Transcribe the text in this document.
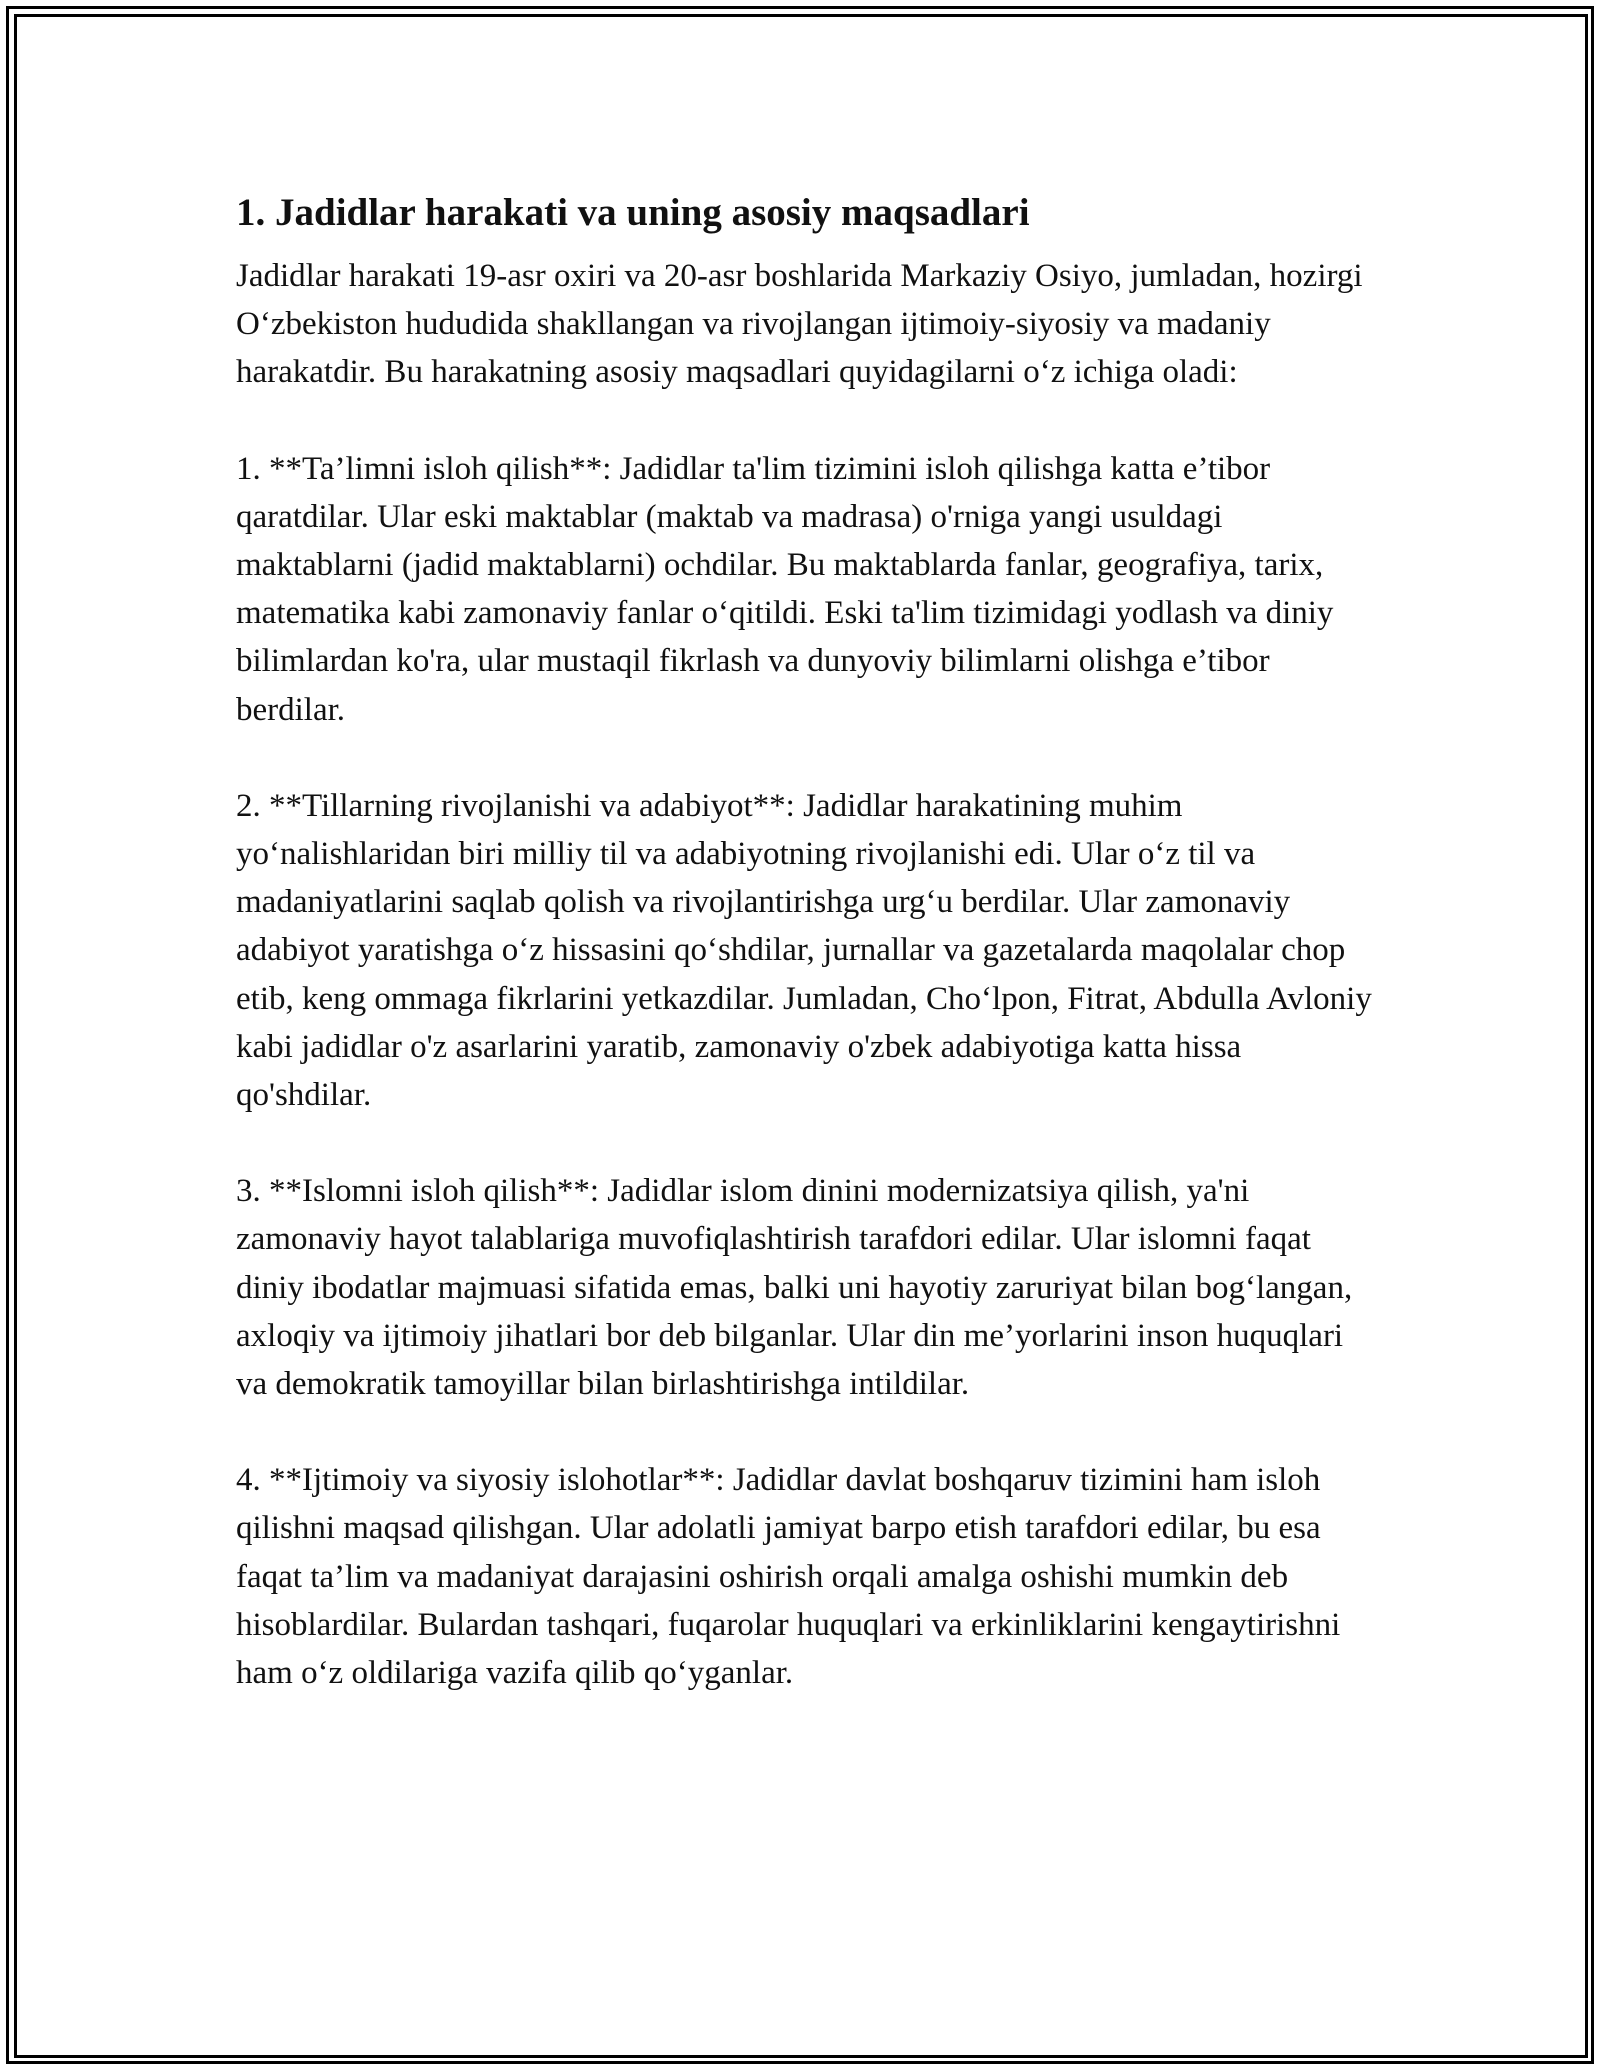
1. Jadidlar harakati va uning asosiy maqsadlari

Jadidlar harakati 19-asr oxiri va 20-asr boshlarida Markaziy Osiyo, jumladan, hozirgi O‘zbekiston hududida shakllangan va rivojlangan ijtimoiy-siyosiy va madaniy harakatdir. Bu harakatning asosiy maqsadlari quyidagilarni o‘z ichiga oladi:

1. **Ta’limni isloh qilish**: Jadidlar ta'lim tizimini isloh qilishga katta e’tibor qaratdilar. Ular eski maktablar (maktab va madrasa) o'rniga yangi usuldagi maktablarni (jadid maktablarni) ochdilar. Bu maktablarda fanlar, geografiya, tarix, matematika kabi zamonaviy fanlar o‘qitildi. Eski ta'lim tizimidagi yodlash va diniy bilimlardan ko'ra, ular mustaqil fikrlash va dunyoviy bilimlarni olishga e’tibor berdilar.

2. **Tillarning rivojlanishi va adabiyot**: Jadidlar harakatining muhim yo‘nalishlaridan biri milliy til va adabiyotning rivojlanishi edi. Ular o‘z til va madaniyatlarini saqlab qolish va rivojlantirishga urg‘u berdilar. Ular zamonaviy adabiyot yaratishga o‘z hissasini qo‘shdilar, jurnallar va gazetalarda maqolalar chop etib, keng ommaga fikrlarini yetkazdilar. Jumladan, Cho‘lpon, Fitrat, Abdulla Avloniy kabi jadidlar o'z asarlarini yaratib, zamonaviy o'zbek adabiyotiga katta hissa qo'shdilar.

3. **Islomni isloh qilish**: Jadidlar islom dinini modernizatsiya qilish, ya'ni zamonaviy hayot talablariga muvofiqlashtirish tarafdori edilar. Ular islomni faqat diniy ibodatlar majmuasi sifatida emas, balki uni hayotiy zaruriyat bilan bog‘langan, axloqiy va ijtimoiy jihatlari bor deb bilganlar. Ular din me’yorlarini inson huquqlari va demokratik tamoyillar bilan birlashtirishga intildilar.

4. **Ijtimoiy va siyosiy islohotlar**: Jadidlar davlat boshqaruv tizimini ham isloh qilishni maqsad qilishgan. Ular adolatli jamiyat barpo etish tarafdori edilar, bu esa faqat ta’lim va madaniyat darajasini oshirish orqali amalga oshishi mumkin deb hisoblardilar. Bulardan tashqari, fuqarolar huquqlari va erkinliklarini kengaytirishni ham o‘z oldilariga vazifa qilib qo‘yganlar.
